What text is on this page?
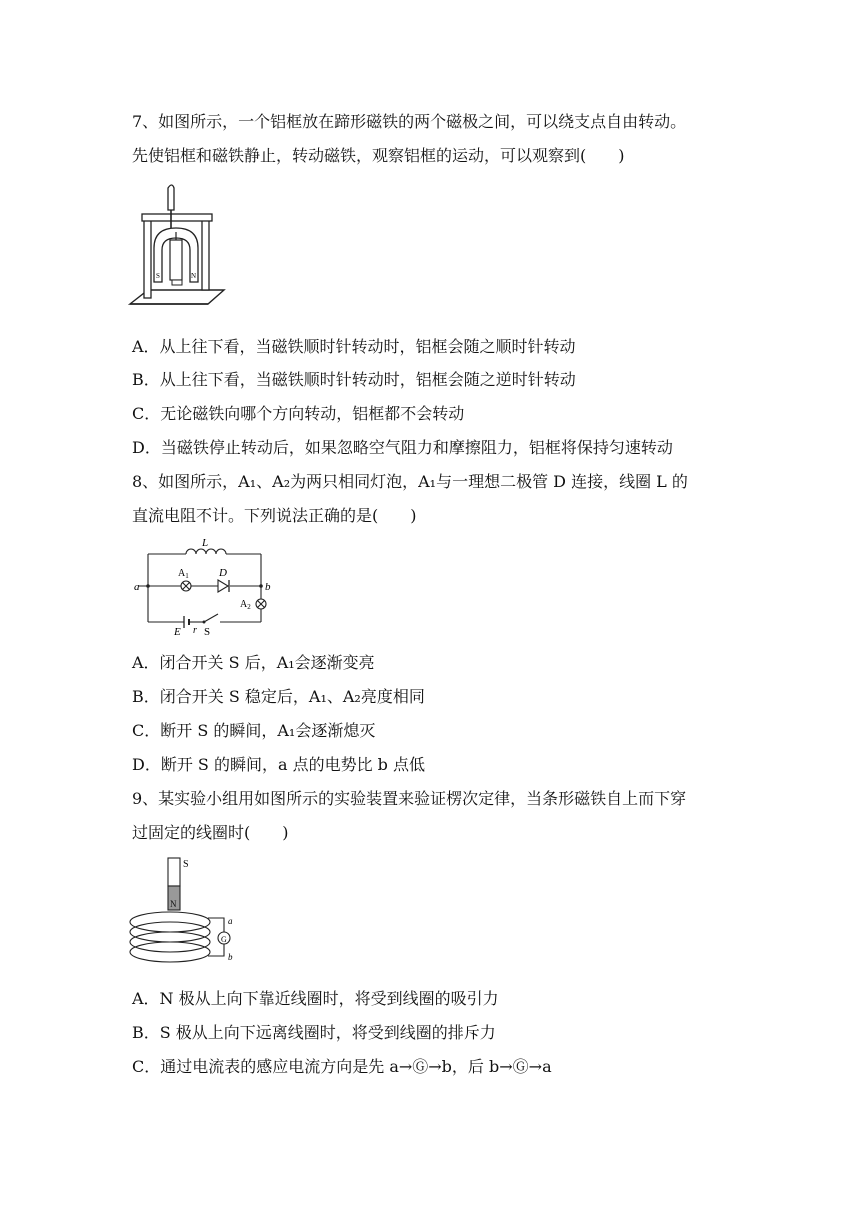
7、如图所示，一个铝框放在蹄形磁铁的两个磁极之间，可以绕支点自由转动。
先使铝框和磁铁静止，转动磁铁，观察铝框的运动，可以观察到(　　)
S	N
A．从上往下看，当磁铁顺时针转动时，铝框会随之顺时针转动
B．从上往下看，当磁铁顺时针转动时，铝框会随之逆时针转动
C．无论磁铁向哪个方向转动，铝框都不会转动
D．当磁铁停止转动后，如果忽略空气阻力和摩擦阻力，铝框将保持匀速转动
8、如图所示，A₁、A₂为两只相同灯泡，A₁与一理想二极管 D 连接，线圈 L 的
直流电阻不计。下列说法正确的是(　　)
L
$A_1$	D
a	b
$A_2$
E r S
A．闭合开关 S 后，A₁会逐渐变亮
B．闭合开关 S 稳定后，A₁、A₂亮度相同
C．断开 S 的瞬间，A₁会逐渐熄灭
D．断开 S 的瞬间，a 点的电势比 b 点低
9、某实验小组用如图所示的实验装置来验证楞次定律，当条形磁铁自上而下穿
过固定的线圈时(　　)
S
N
G
a
b
A．N 极从上向下靠近线圈时，将受到线圈的吸引力
B．S 极从上向下远离线圈时，将受到线圈的排斥力
C．通过电流表的感应电流方向是先 a→Ⓖ→b，后 b→Ⓖ→a
